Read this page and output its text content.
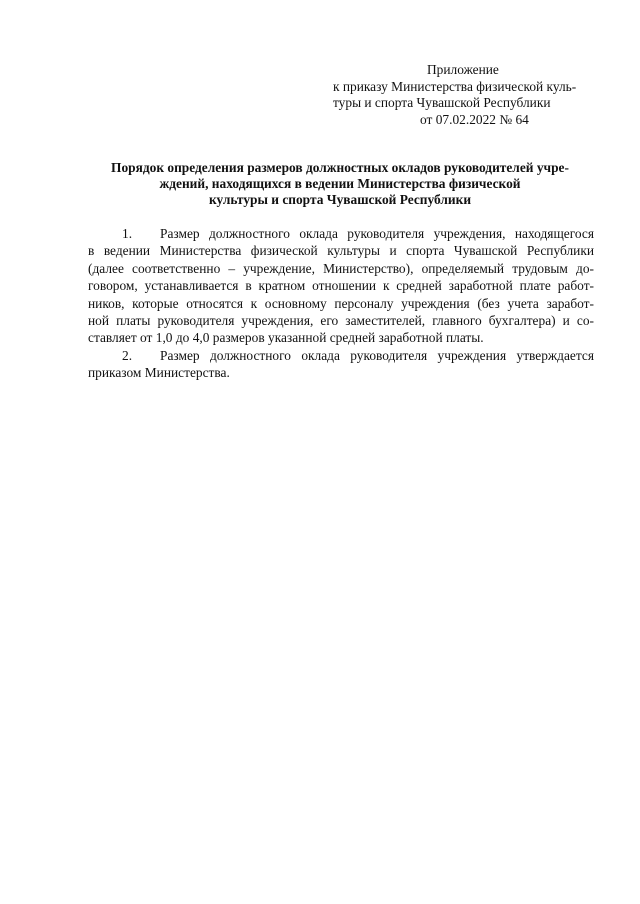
Приложение
к приказу Министерства физической куль-
туры и спорта Чувашской Республики
от 07.02.2022 № 64
Порядок определения размеров должностных окладов руководителей учре-
ждений, находящихся в ведении Министерства физической
культуры и спорта Чувашской Республики
1. Размер должностного оклада руководителя учреждения, находящегося
в ведении Министерства физической культуры и спорта Чувашской Республики
(далее соответственно – учреждение, Министерство), определяемый трудовым до-
говором, устанавливается в кратном отношении к средней заработной плате работ-
ников, которые относятся к основному персоналу учреждения (без учета заработ-
ной платы руководителя учреждения, его заместителей, главного бухгалтера) и со-
ставляет от 1,0 до 4,0 размеров указанной средней заработной платы.
2. Размер должностного оклада руководителя учреждения утверждается
приказом Министерства.
